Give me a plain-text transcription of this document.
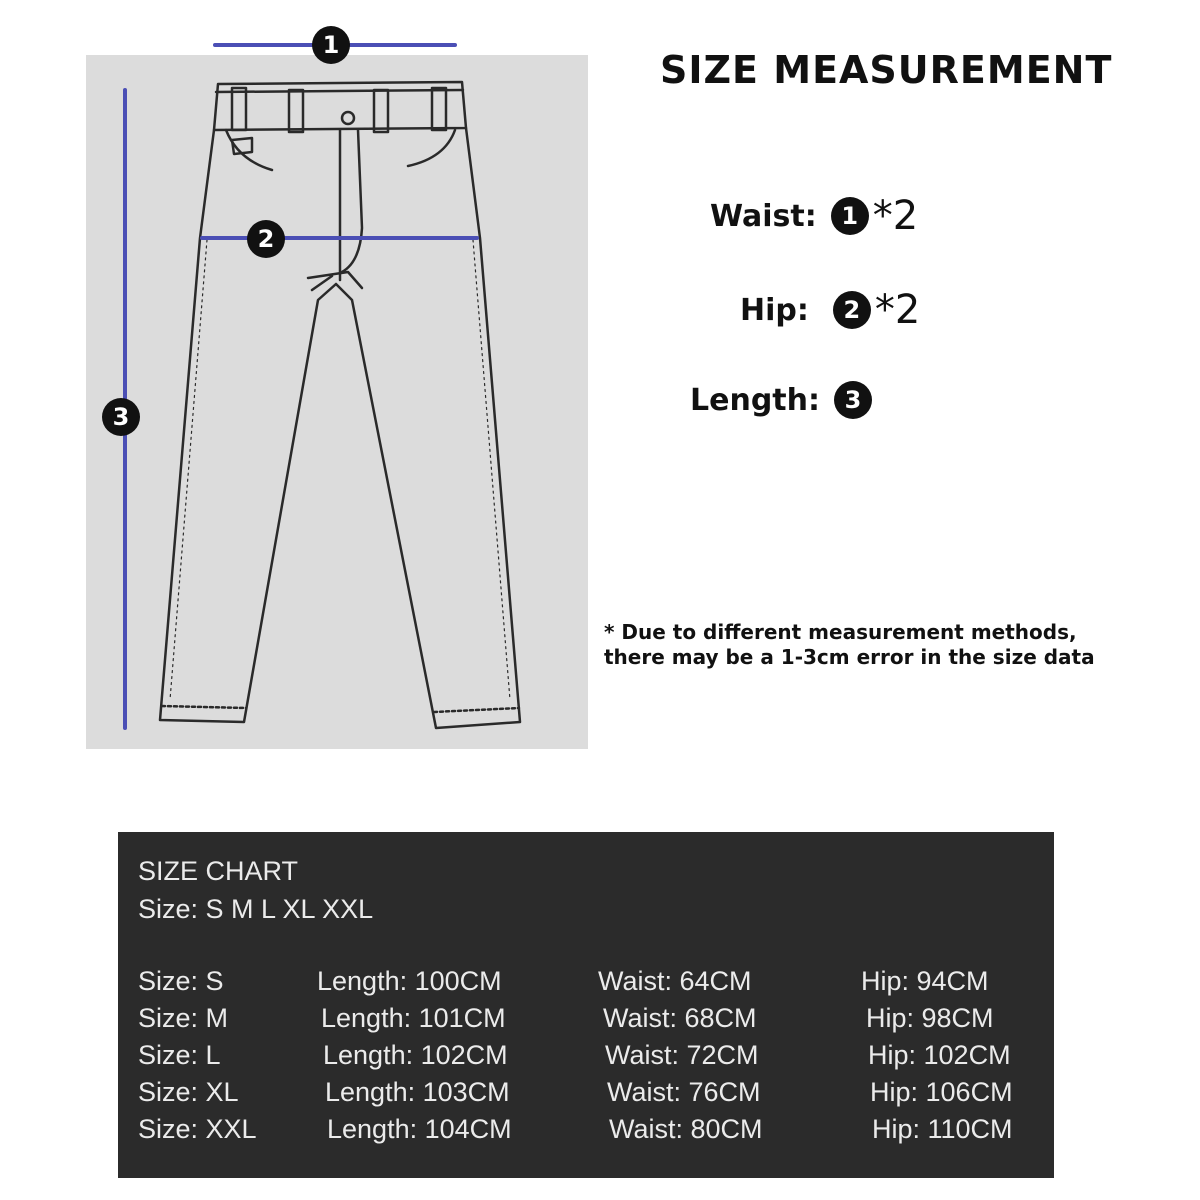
1
2
3
SIZE MEASUREMENT
Waist:	1 *2
Hip:	2 *2
Length:	3
* Due to different measurement methods,
there may be a 1-3cm error in the size data
SIZE CHART
Size: S M L XL XXL
Size: S	Length: 100CM	Waist: 64CM	Hip: 94CM
Size: M	Length: 101CM	Waist: 68CM	Hip: 98CM
Size: L	Length: 102CM	Waist: 72CM	Hip: 102CM
Size: XL	Length: 103CM	Waist: 76CM	Hip: 106CM
Size: XXL	Length: 104CM	Waist: 80CM	Hip: 110CM
